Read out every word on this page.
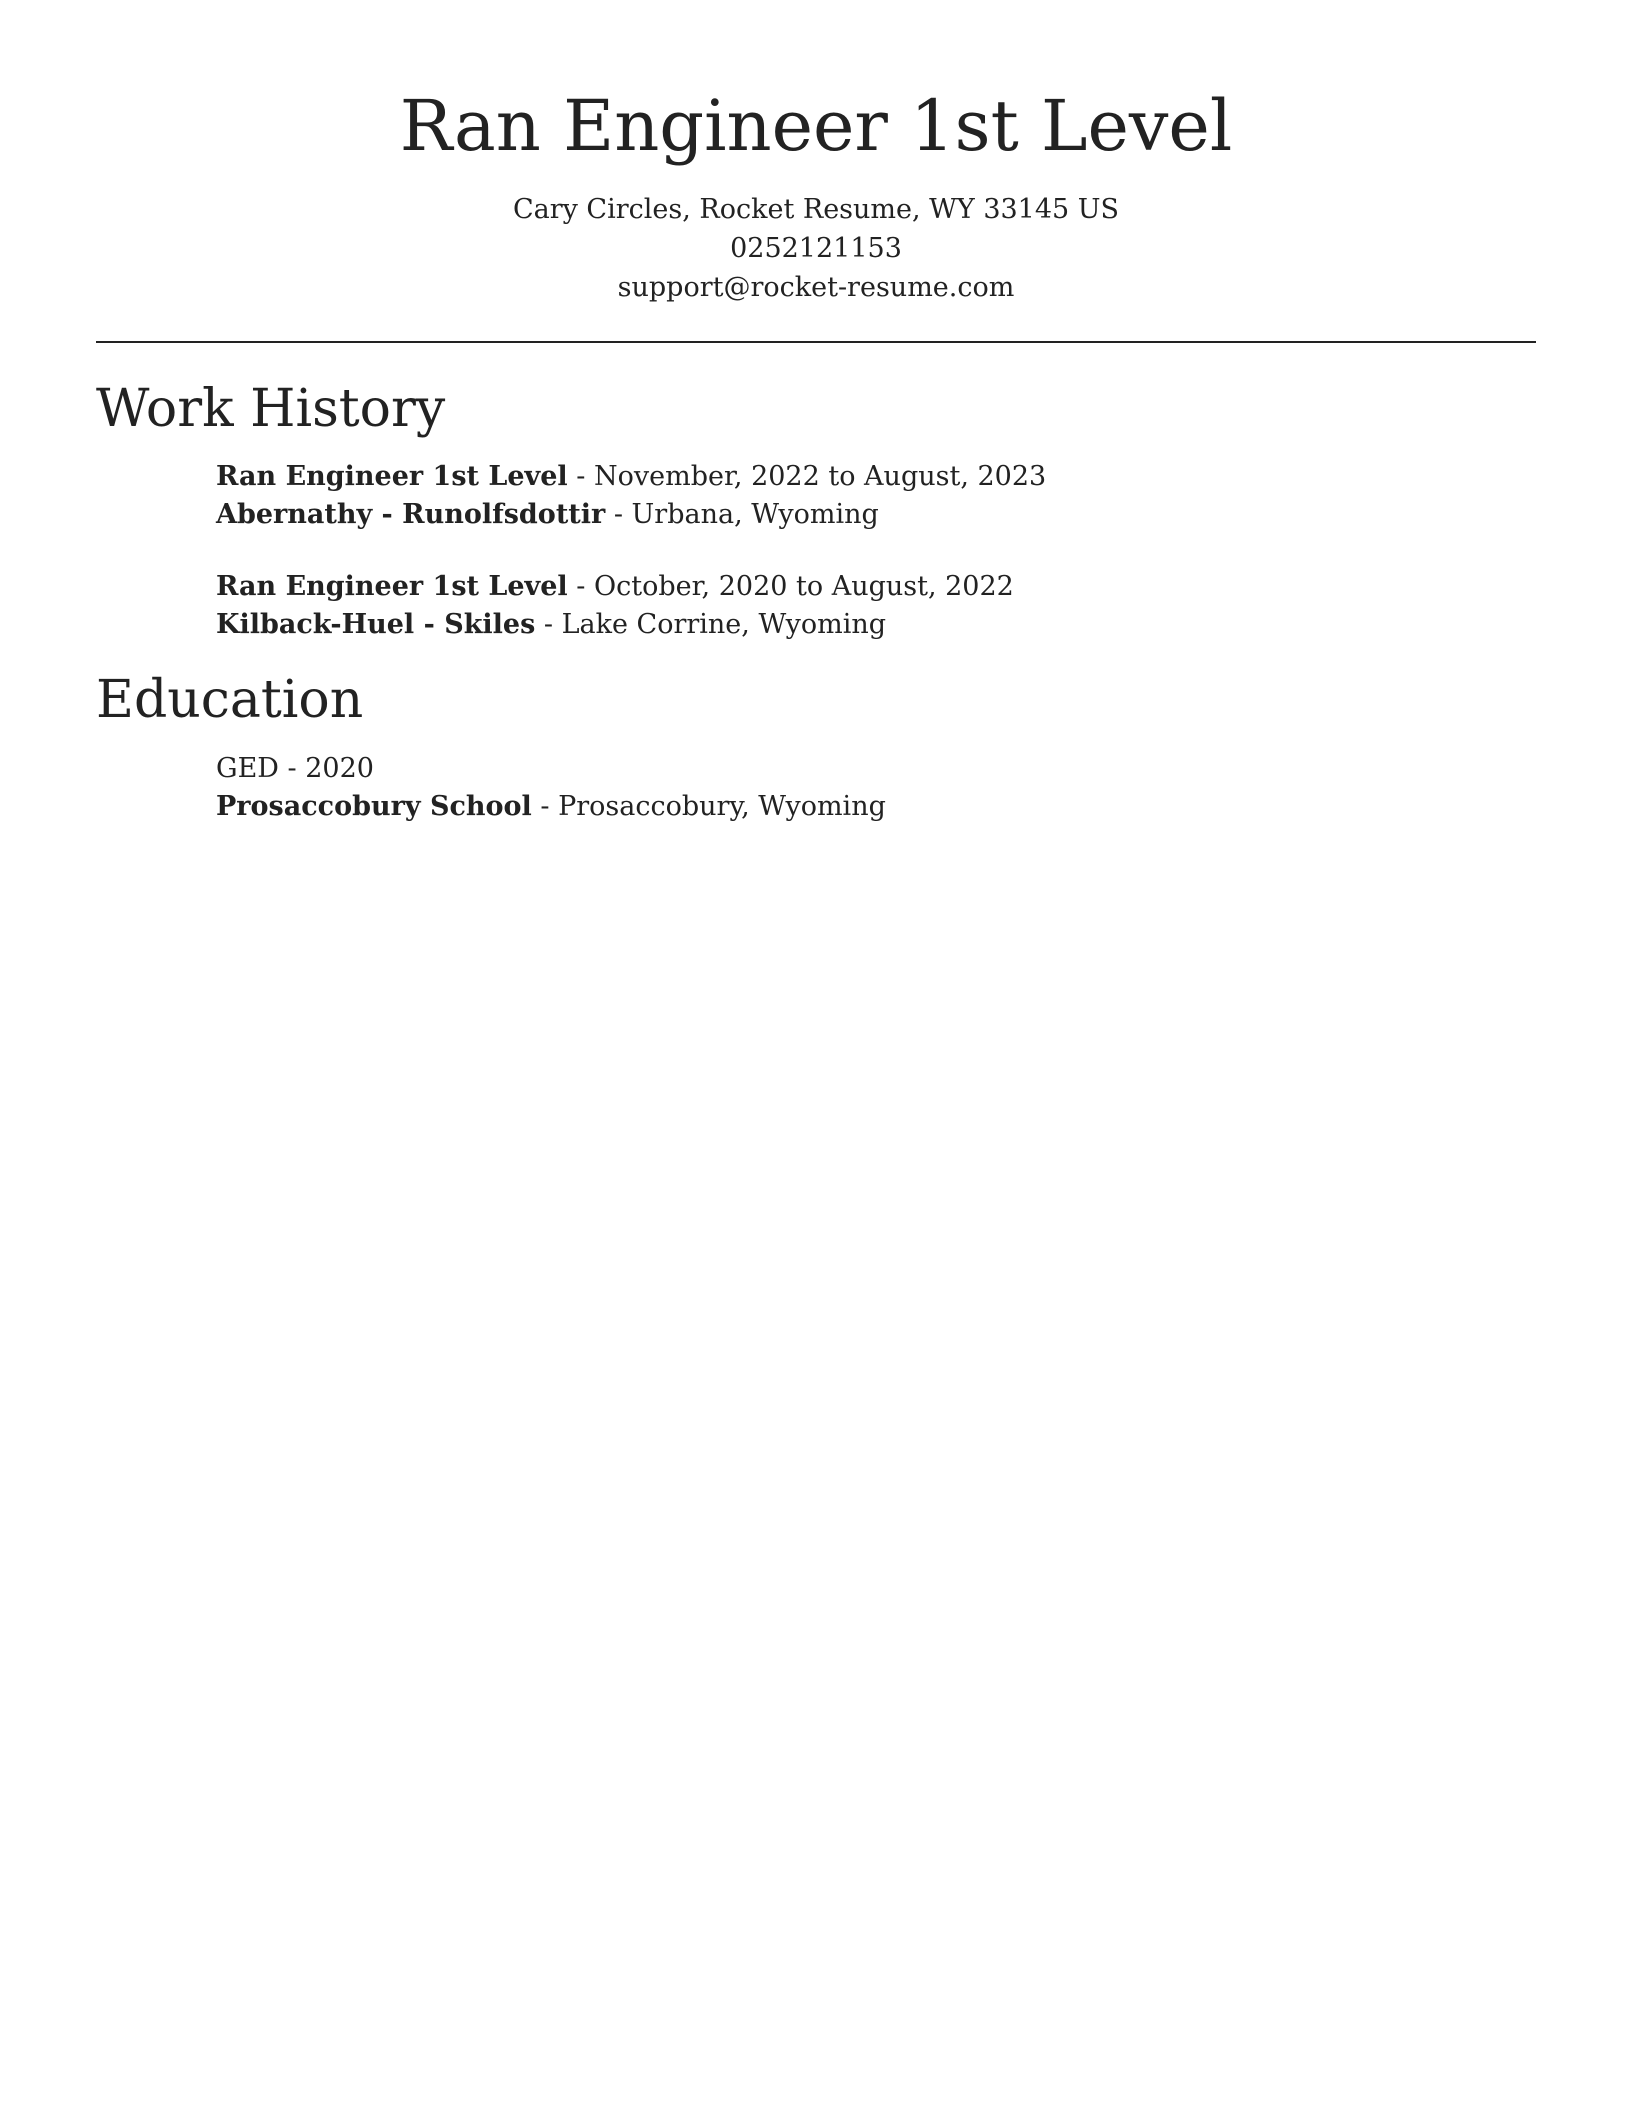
Ran Engineer 1st Level
Cary Circles, Rocket Resume, WY 33145 US
0252121153
support@rocket-resume.com
Work History
Ran Engineer 1st Level - November, 2022 to August, 2023
Abernathy - Runolfsdottir - Urbana, Wyoming
Ran Engineer 1st Level - October, 2020 to August, 2022
Kilback-Huel - Skiles - Lake Corrine, Wyoming
Education
GED - 2020
Prosaccobury School - Prosaccobury, Wyoming
